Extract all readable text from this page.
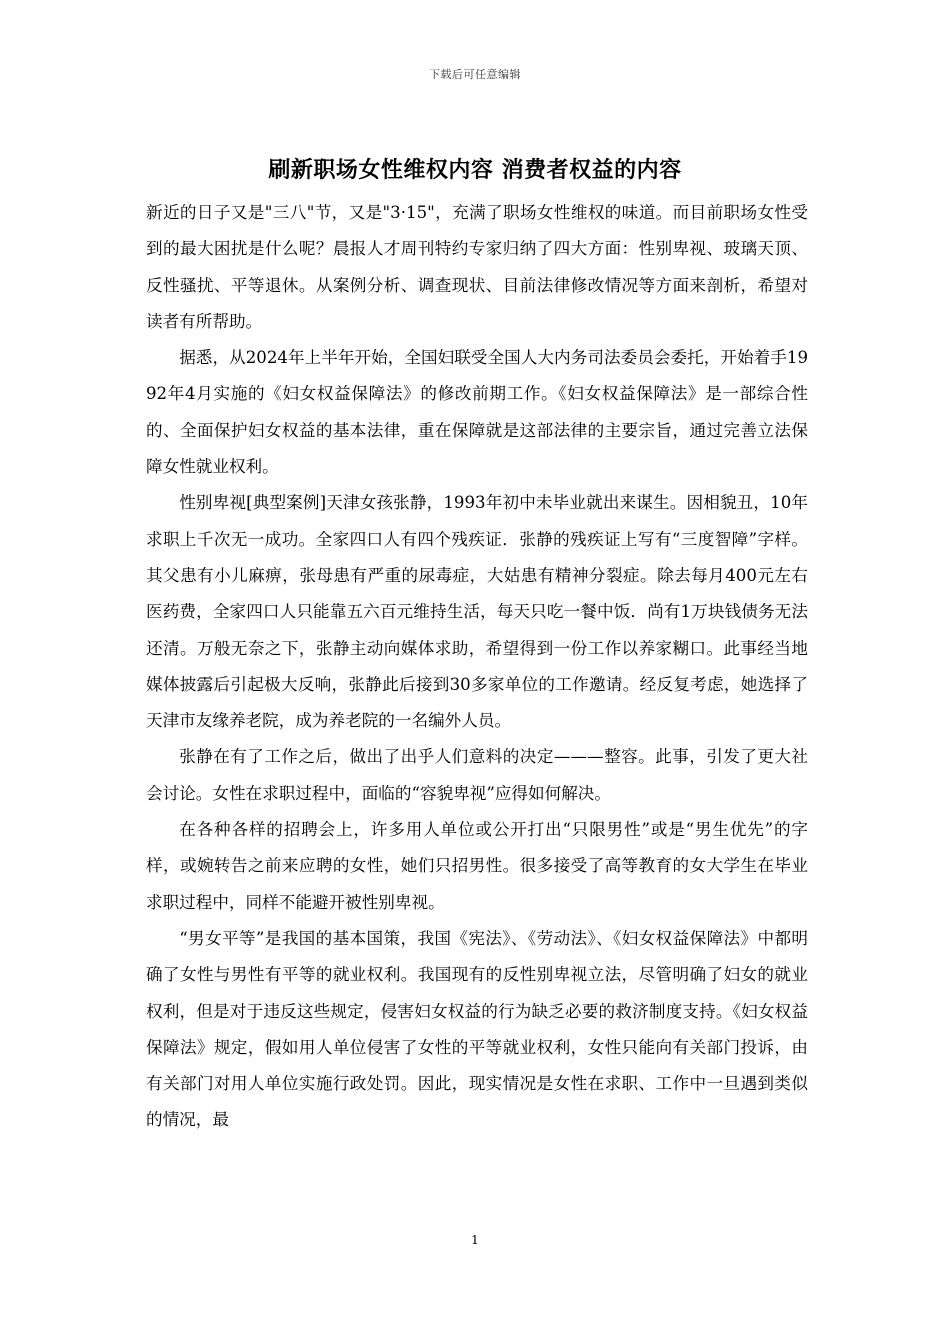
下载后可任意编辑
刷新职场女性维权内容 消费者权益的内容

新近的日子又是"三八"节，又是"3·15"，充满了职场女性维权的味道。而目前职场女性受到的最大困扰是什么呢？晨报人才周刊特约专家归纳了四大方面：性别卑视、玻璃天顶、反性骚扰、平等退休。从案例分析、调查现状、目前法律修改情况等方面来剖析，希望对读者有所帮助。

据悉，从2024年上半年开始，全国妇联受全国人大内务司法委员会委托，开始着手1992年4月实施的《妇女权益保障法》的修改前期工作。《妇女权益保障法》是一部综合性的、全面保护妇女权益的基本法律，重在保障就是这部法律的主要宗旨，通过完善立法保障女性就业权利。

性别卑视[典型案例]天津女孩张静，1993年初中未毕业就出来谋生。因相貌丑，10年求职上千次无一成功。全家四口人有四个残疾证．张静的残疾证上写有“三度智障”字样。其父患有小儿麻痹，张母患有严重的尿毒症，大姑患有精神分裂症。除去每月400元左右医药费，全家四口人只能靠五六百元维持生活，每天只吃一餐中饭．尚有1万块钱债务无法还清。万般无奈之下，张静主动向媒体求助，希望得到一份工作以养家糊口。此事经当地媒体披露后引起极大反响，张静此后接到30多家单位的工作邀请。经反复考虑，她选择了天津市友缘养老院，成为养老院的一名编外人员。

张静在有了工作之后，做出了出乎人们意料的决定———整容。此事，引发了更大社会讨论。女性在求职过程中，面临的“容貌卑视”应得如何解决。

在各种各样的招聘会上，许多用人单位或公开打出“只限男性”或是“男生优先”的字样，或婉转告之前来应聘的女性，她们只招男性。很多接受了高等教育的女大学生在毕业求职过程中，同样不能避开被性别卑视。

“男女平等”是我国的基本国策，我国《宪法》、《劳动法》、《妇女权益保障法》中都明确了女性与男性有平等的就业权利。我国现有的反性别卑视立法，尽管明确了妇女的就业权利，但是对于违反这些规定，侵害妇女权益的行为缺乏必要的救济制度支持。《妇女权益保障法》规定，假如用人单位侵害了女性的平等就业权利，女性只能向有关部门投诉，由有关部门对用人单位实施行政处罚。因此，现实情况是女性在求职、工作中一旦遇到类似的情况，最

1
